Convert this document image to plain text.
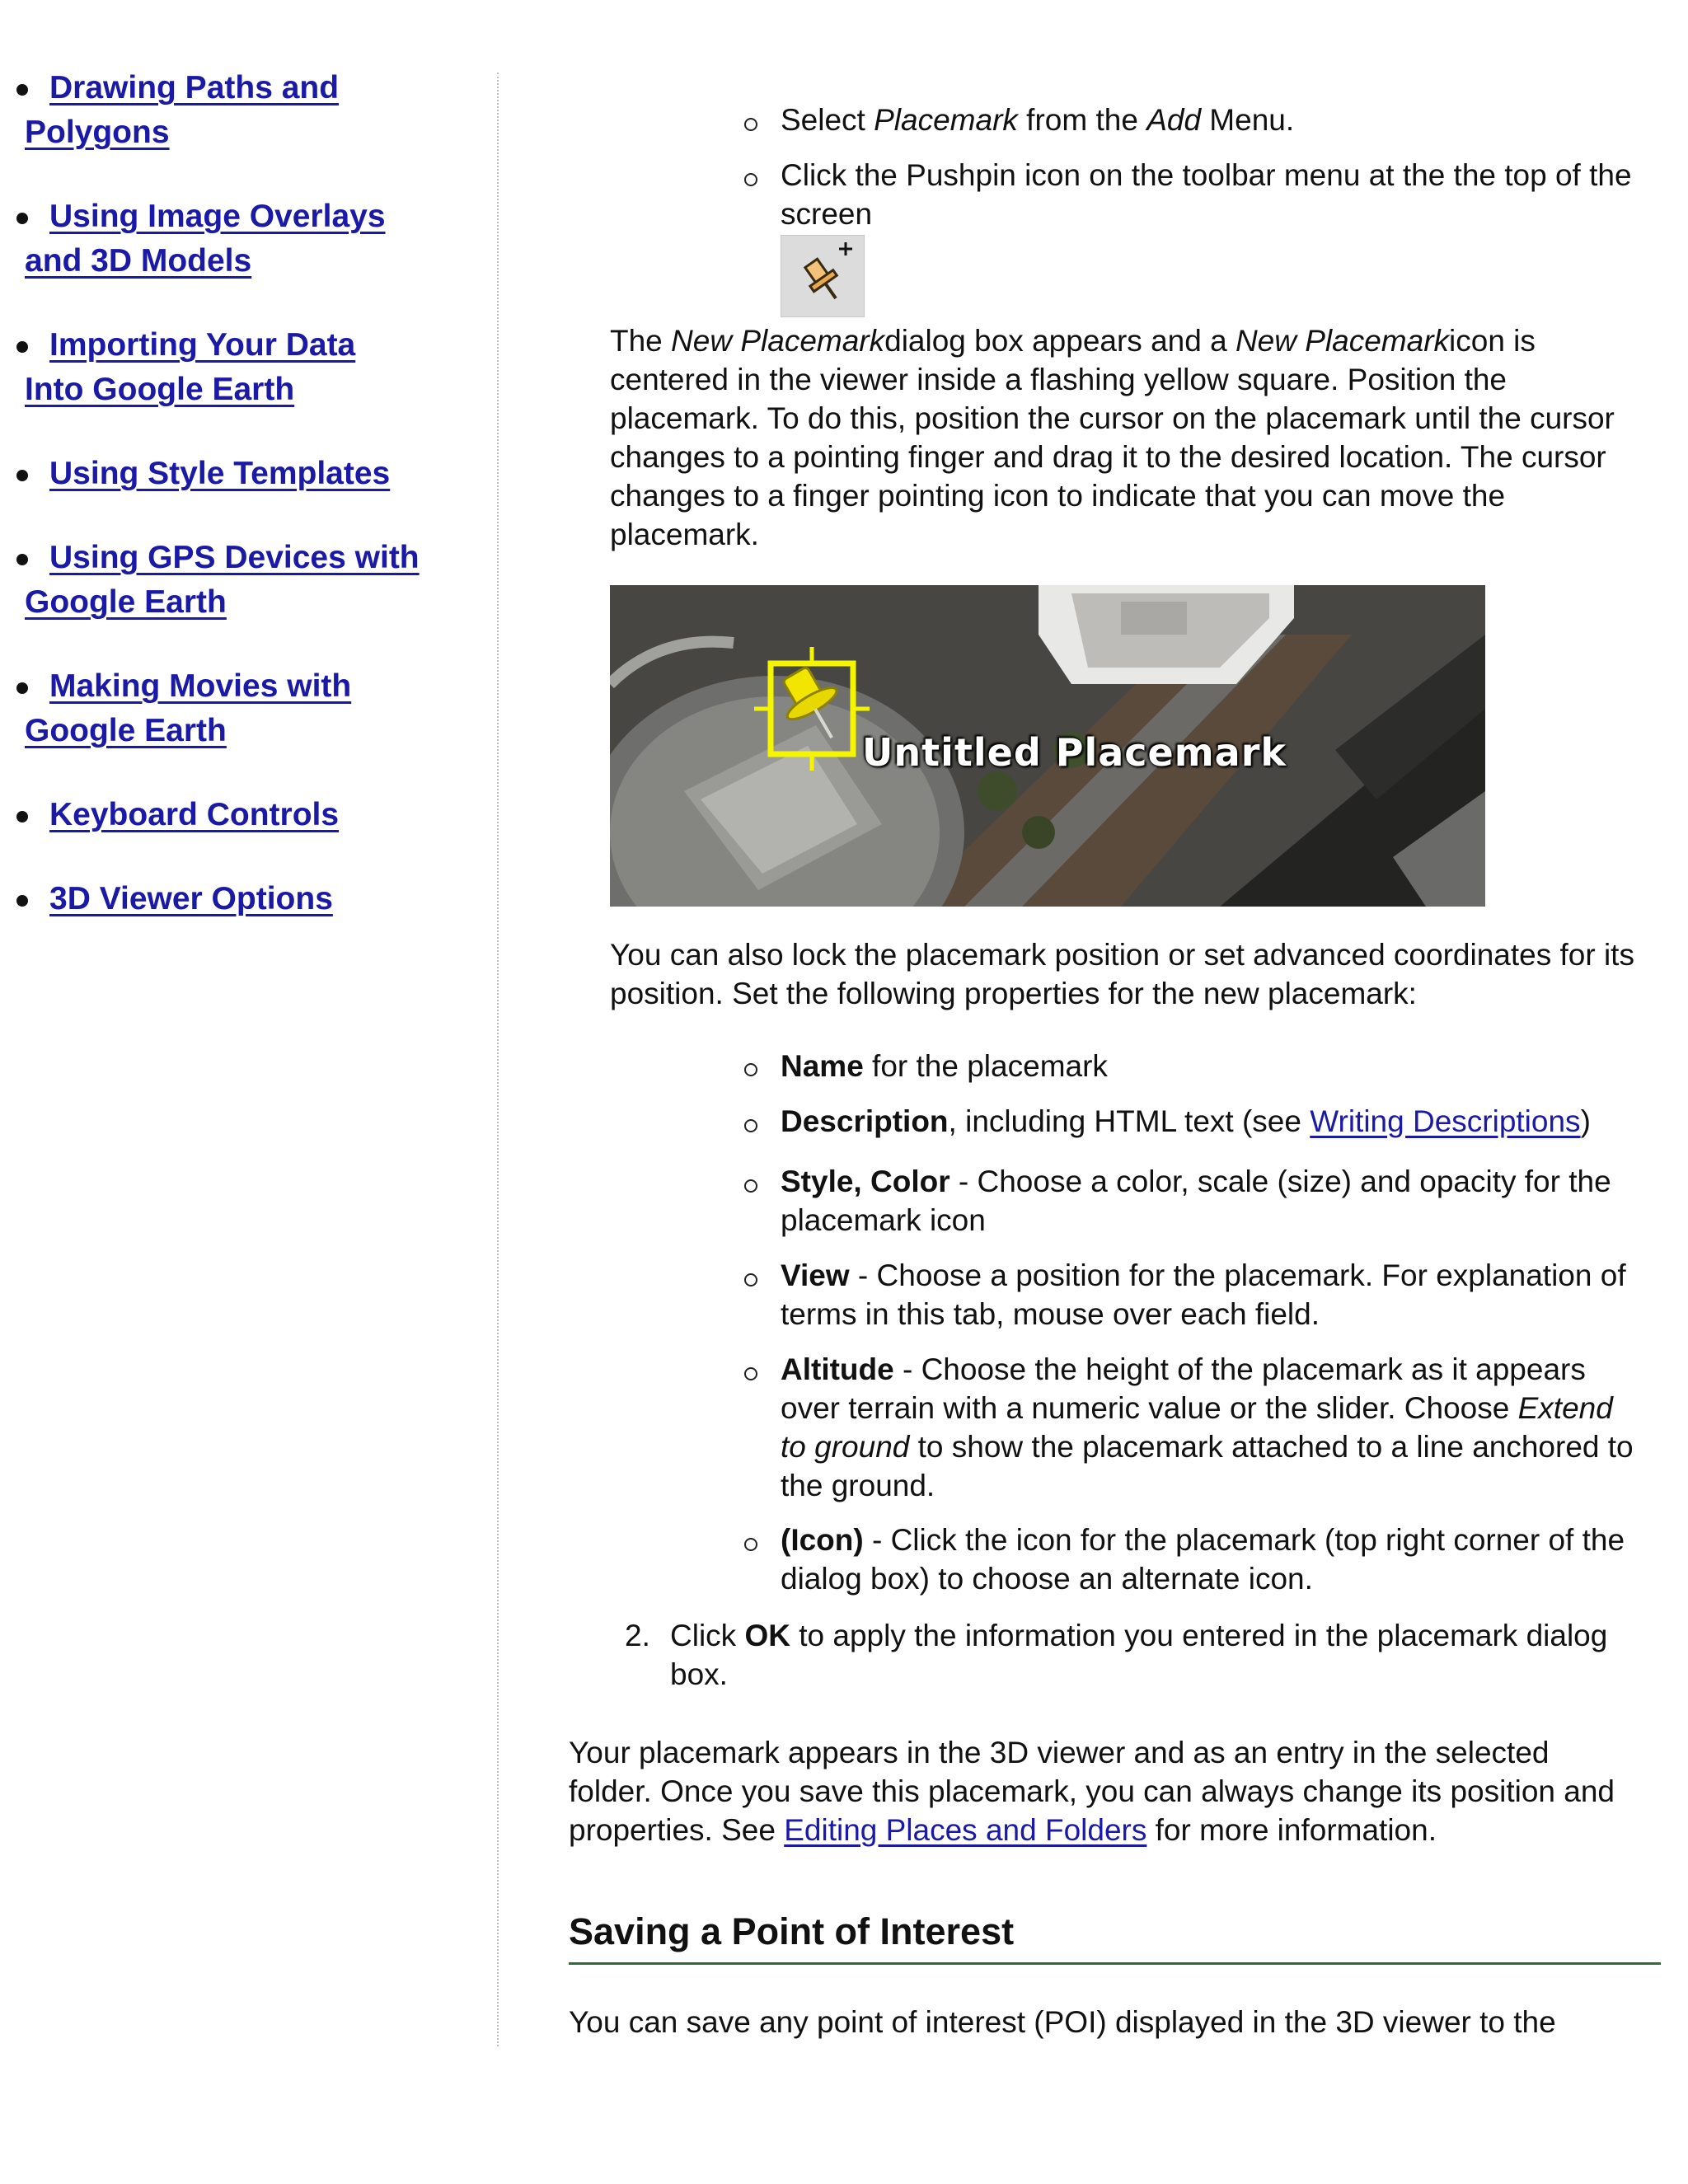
Drawing Paths and Polygons
Using Image Overlays and 3D Models
Importing Your Data Into Google Earth
Using Style Templates
Using GPS Devices with Google Earth
Making Movies with Google Earth
Keyboard Controls
3D Viewer Options
Select Placemark from the Add Menu.
Click the Pushpin icon on the toolbar menu at the the top of the screen

The New Placemarkdialog box appears and a New Placemarkicon is centered in the viewer inside a flashing yellow square. Position the placemark. To do this, position the cursor on the placemark until the cursor changes to a pointing finger and drag it to the desired location. The cursor changes to a finger pointing icon to indicate that you can move the placemark.

Untitled Placemark

You can also lock the placemark position or set advanced coordinates for its position. Set the following properties for the new placemark:

Name for the placemark
Description, including HTML text (see Writing Descriptions)
Style, Color - Choose a color, scale (size) and opacity for the placemark icon
View - Choose a position for the placemark. For explanation of terms in this tab, mouse over each field.
Altitude - Choose the height of the placemark as it appears over terrain with a numeric value or the slider. Choose Extend to ground to show the placemark attached to a line anchored to the ground.
(Icon) - Click the icon for the placemark (top right corner of the dialog box) to choose an alternate icon.
2. Click OK to apply the information you entered in the placemark dialog box.

Your placemark appears in the 3D viewer and as an entry in the selected folder. Once you save this placemark, you can always change its position and properties. See Editing Places and Folders for more information.

Saving a Point of Interest

You can save any point of interest (POI) displayed in the 3D viewer to the
